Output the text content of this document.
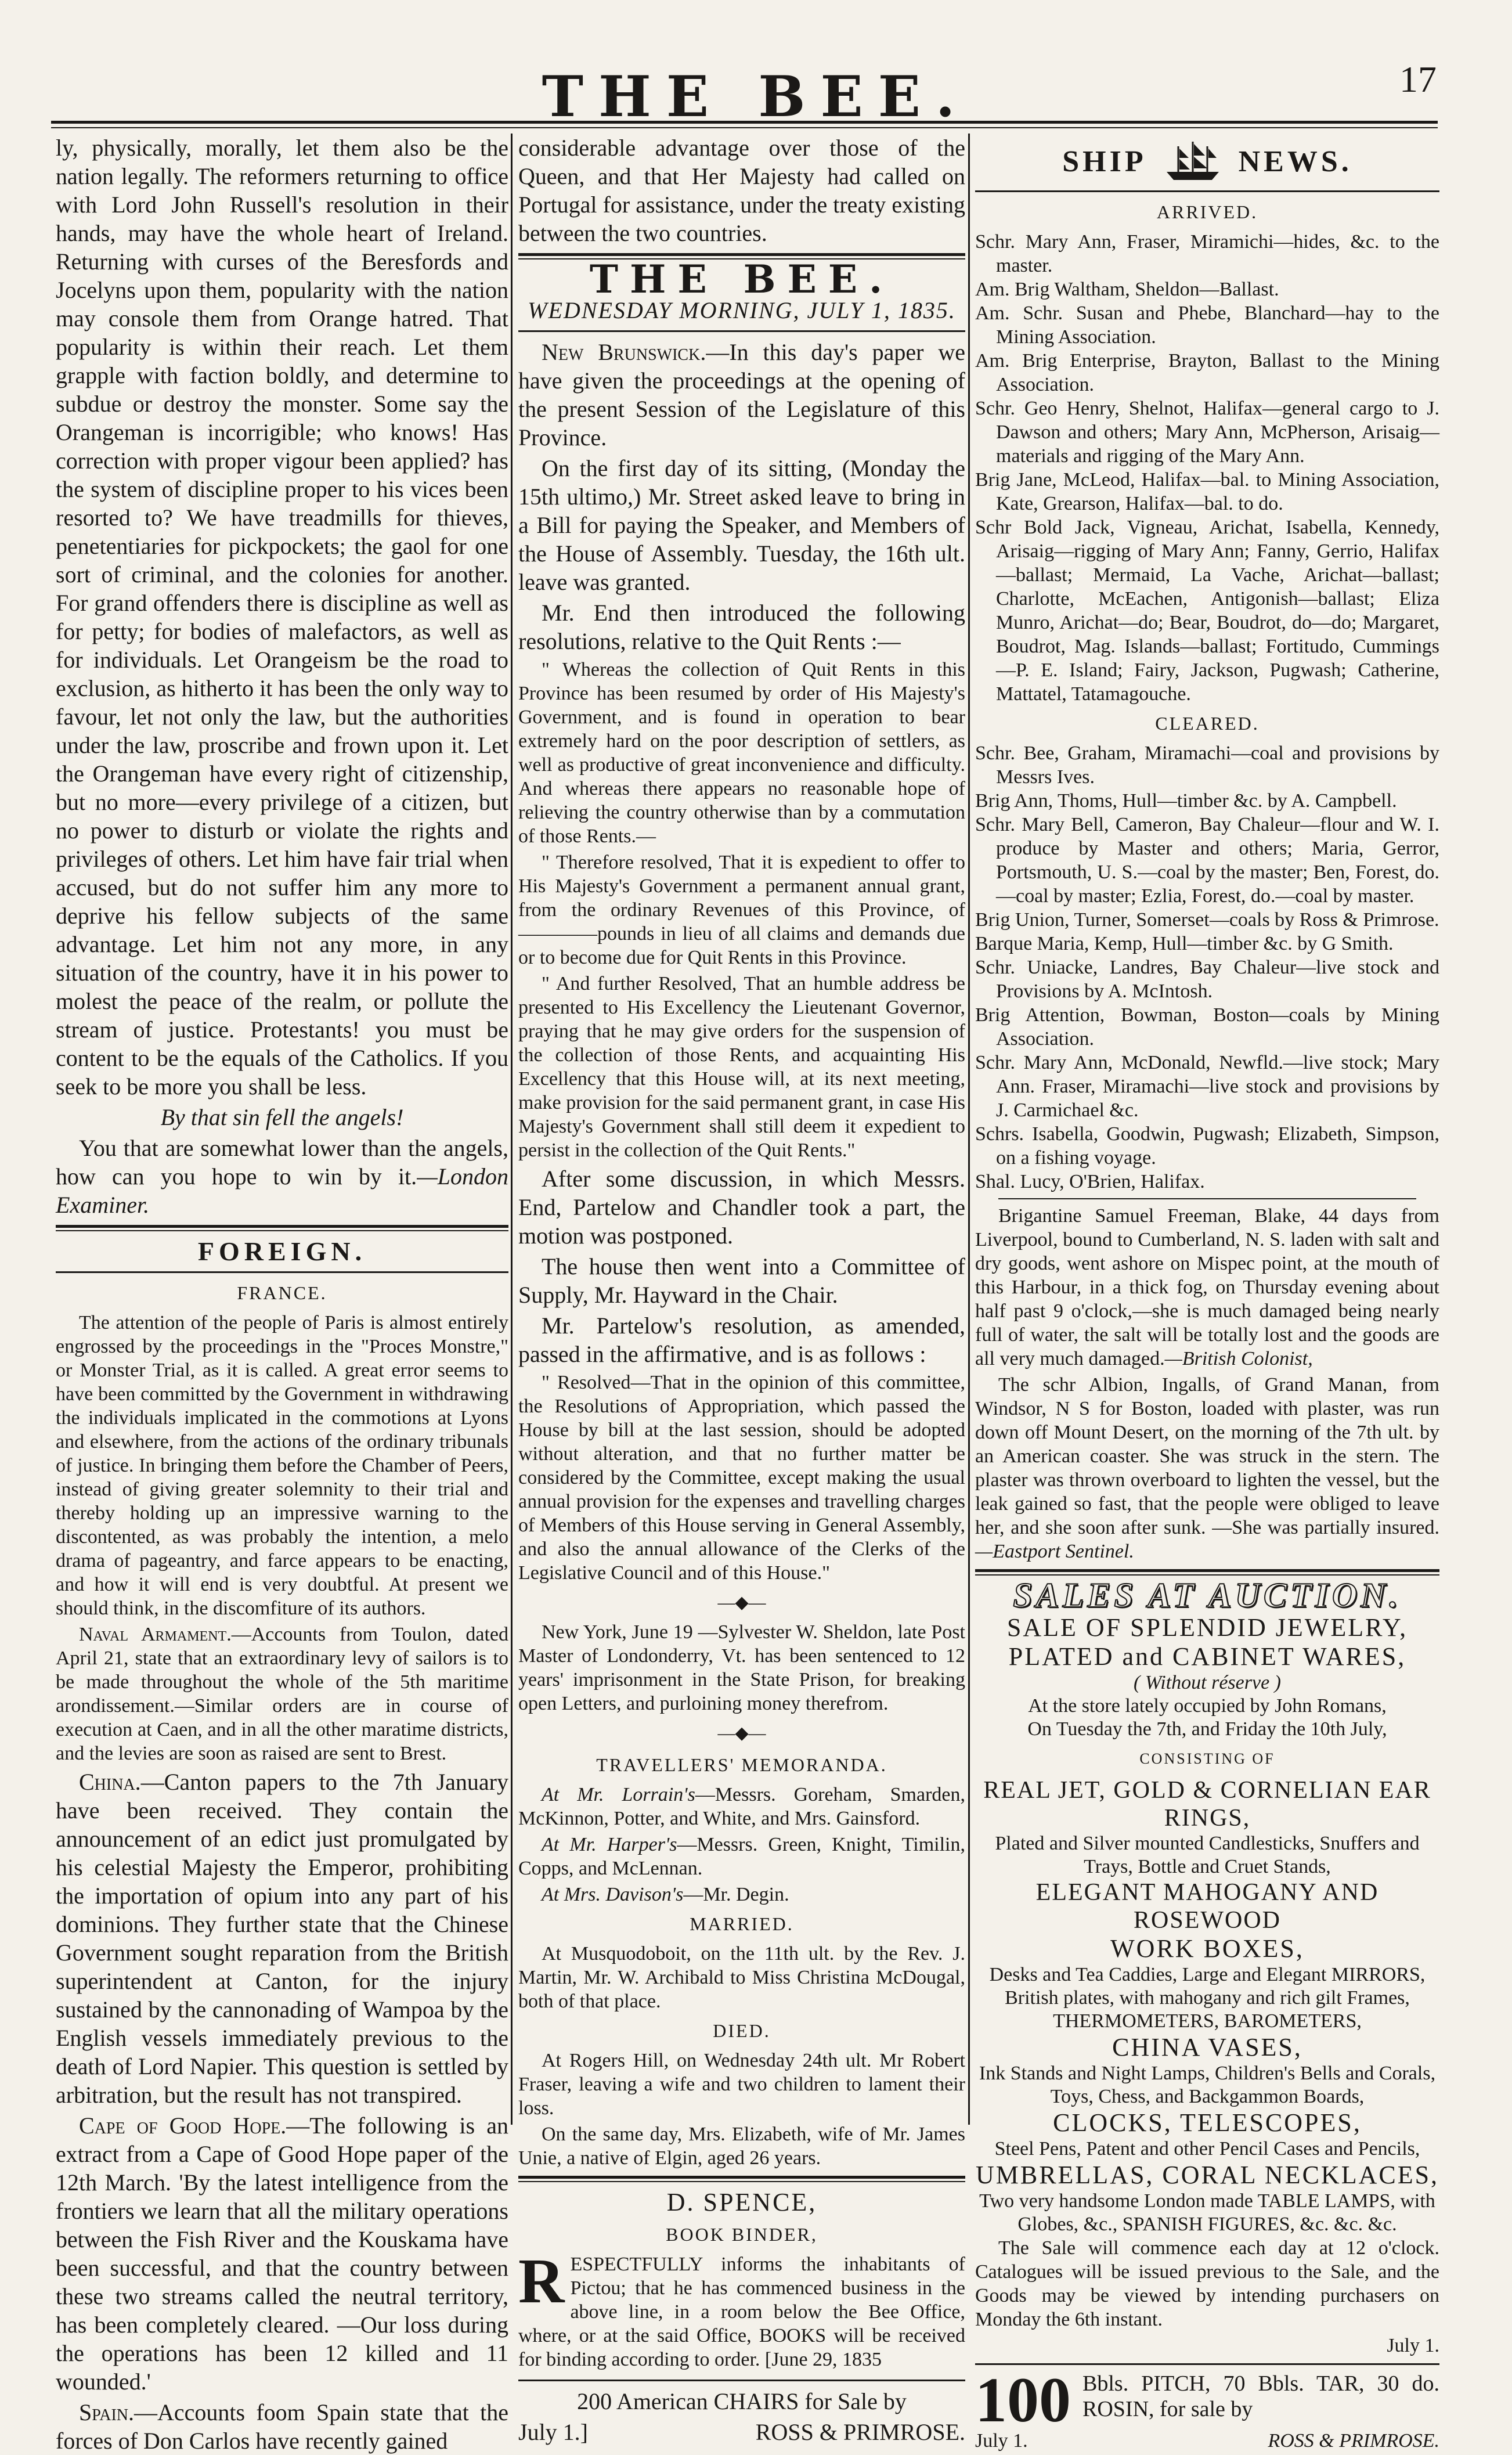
THE BEE.	17

ly, physically, morally, let them also be the nation legally. The reformers returning to office with Lord John Russell's resolution in their hands, may have the whole heart of Ireland. Returning with curses of the Beresfords and Jocelyns upon them, popularity with the nation may console them from Orange hatred. That popularity is within their reach. Let them grapple with faction boldly, and determine to subdue or destroy the monster. Some say the Orangeman is incorrigible; who knows! Has correction with proper vigour been applied? has the system of discipline proper to his vices been resorted to? We have treadmills for thieves, penetentiaries for pickpockets; the gaol for one sort of criminal, and the colonies for another. For grand offenders there is discipline as well as for petty; for bodies of malefactors, as well as for individuals. Let Orangeism be the road to exclusion, as hitherto it has been the only way to favour, let not only the law, but the authorities under the law, proscribe and frown upon it. Let the Orangeman have every right of citizenship, but no more—every privilege of a citizen, but no power to disturb or violate the rights and privileges of others. Let him have fair trial when accused, but do not suffer him any more to deprive his fellow subjects of the same advantage. Let him not any more, in any situation of the country, have it in his power to molest the peace of the realm, or pollute the stream of justice. Protestants! you must be content to be the equals of the Catholics. If you seek to be more you shall be less.

By that sin fell the angels!

You that are somewhat lower than the angels, how can you hope to win by it.—London Examiner.

FOREIGN.
FRANCE.

The attention of the people of Paris is almost entirely engrossed by the proceedings in the "Proces Monstre," or Monster Trial, as it is called. A great error seems to have been committed by the Government in withdrawing the individuals implicated in the commotions at Lyons and elsewhere, from the actions of the ordinary tribunals of justice. In bringing them before the Chamber of Peers, instead of giving greater solemnity to their trial and thereby holding up an impressive warning to the discontented, as was probably the intention, a melo drama of pageantry, and farce appears to be enacting, and how it will end is very doubtful. At present we should think, in the discomfiture of its authors.

Naval Armament.—Accounts from Toulon, dated April 21, state that an extraordinary levy of sailors is to be made throughout the whole of the 5th maritime arondissement.—Similar orders are in course of execution at Caen, and in all the other maratime districts, and the levies are soon as raised are sent to Brest.

China.—Canton papers to the 7th January have been received. They contain the announcement of an edict just promulgated by his celestial Majesty the Emperor, prohibiting the importation of opium into any part of his dominions. They further state that the Chinese Government sought reparation from the British superintendent at Canton, for the injury sustained by the cannonading of Wampoa by the English vessels immediately previous to the death of Lord Napier. This question is settled by arbitration, but the result has not transpired.

Cape of Good Hope.—The following is an extract from a Cape of Good Hope paper of the 12th March. 'By the latest intelligence from the frontiers we learn that all the military operations between the Fish River and the Kouskama have been successful, and that the country between these two streams called the neutral territory, has been completely cleared. —Our loss during the operations has been 12 killed and 11 wounded.'

Spain.—Accounts foom Spain state that the forces of Don Carlos have recently gained

considerable advantage over those of the Queen, and that Her Majesty had called on Portugal for assistance, under the treaty existing between the two countries.

THE BEE.
WEDNESDAY MORNING, JULY 1, 1835.

New Brunswick.—In this day's paper we have given the proceedings at the opening of the present Session of the Legislature of this Province.

On the first day of its sitting, (Monday the 15th ultimo,) Mr. Street asked leave to bring in a Bill for paying the Speaker, and Members of the House of Assembly. Tuesday, the 16th ult. leave was granted.

Mr. End then introduced the following resolutions, relative to the Quit Rents :—

" Whereas the collection of Quit Rents in this Province has been resumed by order of His Majesty's Government, and is found in operation to bear extremely hard on the poor description of settlers, as well as productive of great inconvenience and difficulty. And whereas there appears no reasonable hope of relieving the country otherwise than by a commutation of those Rents.—

" Therefore resolved, That it is expedient to offer to His Majesty's Government a permanent annual grant, from the ordinary Revenues of this Province, of ————pounds in lieu of all claims and demands due or to become due for Quit Rents in this Province.

" And further Resolved, That an humble address be presented to His Excellency the Lieutenant Governor, praying that he may give orders for the suspension of the collection of those Rents, and acquainting His Excellency that this House will, at its next meeting, make provision for the said permanent grant, in case His Majesty's Government shall still deem it expedient to persist in the collection of the Quit Rents."

After some discussion, in which Messrs. End, Partelow and Chandler took a part, the motion was postponed.

The house then went into a Committee of Supply, Mr. Hayward in the Chair.

Mr. Partelow's resolution, as amended, passed in the affirmative, and is as follows :

" Resolved—That in the opinion of this committee, the Resolutions of Appropriation, which passed the House by bill at the last session, should be adopted without alteration, and that no further matter be considered by the Committee, except making the usual annual provision for the expenses and travelling charges of Members of this House serving in General Assembly, and also the annual allowance of the Clerks of the Legislative Council and of this House."

—◆—

New York, June 19 —Sylvester W. Sheldon, late Post Master of Londonderry, Vt. has been sentenced to 12 years' imprisonment in the State Prison, for breaking open Letters, and purloining money therefrom.

—◆—
TRAVELLERS' MEMORANDA.

At Mr. Lorrain's—Messrs. Goreham, Smarden, McKinnon, Potter, and White, and Mrs. Gainsford.

At Mr. Harper's—Messrs. Green, Knight, Timilin, Copps, and McLennan.

At Mrs. Davison's—Mr. Degin.

MARRIED.

At Musquodoboit, on the 11th ult. by the Rev. J. Martin, Mr. W. Archibald to Miss Christina McDougal, both of that place.

DIED.

At Rogers Hill, on Wednesday 24th ult. Mr Robert Fraser, leaving a wife and two children to lament their loss.

On the same day, Mrs. Elizabeth, wife of Mr. James Unie, a native of Elgin, aged 26 years.

D. SPENCE,
BOOK BINDER,

RESPECTFULLY informs the inhabitants of Pictou; that he has commenced business in the above line, in a room below the Bee Office, where, or at the said Office, BOOKS will be received for binding according to order. [June 29, 1835

200 American CHAIRS for Sale by

July 1.]	ROSS & PRIMROSE.
SHIP	NEWS.
ARRIVED.

Schr. Mary Ann, Fraser, Miramichi—hides, &c. to the master.

Am. Brig Waltham, Sheldon—Ballast.

Am. Schr. Susan and Phebe, Blanchard—hay to the Mining Association.

Am. Brig Enterprise, Brayton, Ballast to the Mining Association.

Schr. Geo Henry, Shelnot, Halifax—general cargo to J. Dawson and others; Mary Ann, McPherson, Arisaig—materials and rigging of the Mary Ann.

Brig Jane, McLeod, Halifax—bal. to Mining Association, Kate, Grearson, Halifax—bal. to do.

Schr Bold Jack, Vigneau, Arichat, Isabella, Kennedy, Arisaig—rigging of Mary Ann; Fanny, Gerrio, Halifax—ballast; Mermaid, La Vache, Arichat—ballast; Charlotte, McEachen, Antigonish—ballast; Eliza Munro, Arichat—do; Bear, Boudrot, do—do; Margaret, Boudrot, Mag. Islands—ballast; Fortitudo, Cummings—P. E. Island; Fairy, Jackson, Pugwash; Catherine, Mattatel, Tatamagouche.

CLEARED.

Schr. Bee, Graham, Miramachi—coal and provisions by Messrs Ives.

Brig Ann, Thoms, Hull—timber &c. by A. Campbell.

Schr. Mary Bell, Cameron, Bay Chaleur—flour and W. I. produce by Master and others; Maria, Gerror, Portsmouth, U. S.—coal by the master; Ben, Forest, do.—coal by master; Ezlia, Forest, do.—coal by master.

Brig Union, Turner, Somerset—coals by Ross & Primrose.

Barque Maria, Kemp, Hull—timber &c. by G Smith.

Schr. Uniacke, Landres, Bay Chaleur—live stock and Provisions by A. McIntosh.

Brig Attention, Bowman, Boston—coals by Mining Association.

Schr. Mary Ann, McDonald, Newfld.—live stock; Mary Ann. Fraser, Miramachi—live stock and provisions by J. Carmichael &c.

Schrs. Isabella, Goodwin, Pugwash; Elizabeth, Simpson, on a fishing voyage.

Shal. Lucy, O'Brien, Halifax.

Brigantine Samuel Freeman, Blake, 44 days from Liverpool, bound to Cumberland, N. S. laden with salt and dry goods, went ashore on Mispec point, at the mouth of this Harbour, in a thick fog, on Thursday evening about half past 9 o'clock,—she is much damaged being nearly full of water, the salt will be totally lost and the goods are all very much damaged.—British Colonist,

The schr Albion, Ingalls, of Grand Manan, from Windsor, N S for Boston, loaded with plaster, was run down off Mount Desert, on the morning of the 7th ult. by an American coaster. She was struck in the stern. The plaster was thrown overboard to lighten the vessel, but the leak gained so fast, that the people were obliged to leave her, and she soon after sunk. —She was partially insured.—Eastport Sentinel.

SALES AT AUCTION.
SALE OF SPLENDID JEWELRY,
PLATED and CABINET WARES,
( Without réserve )
At the store lately occupied by John Romans,
On Tuesday the 7th, and Friday the 10th July,
CONSISTING OF
REAL JET, GOLD & CORNELIAN EAR RINGS,
Plated and Silver mounted Candlesticks, Snuffers and Trays, Bottle and Cruet Stands,
ELEGANT MAHOGANY AND ROSEWOOD
WORK BOXES,
Desks and Tea Caddies, Large and Elegant MIRRORS, British plates, with mahogany and rich gilt Frames, THERMOMETERS, BAROMETERS,
CHINA VASES,
Ink Stands and Night Lamps, Children's Bells and Corals, Toys, Chess, and Backgammon Boards,
CLOCKS, TELESCOPES,
Steel Pens, Patent and other Pencil Cases and Pencils,
UMBRELLAS, CORAL NECKLACES,
Two very handsome London made TABLE LAMPS, with Globes, &c., SPANISH FIGURES, &c. &c. &c.

The Sale will commence each day at 12 o'clock. Catalogues will be issued previous to the Sale, and the Goods may be viewed by intending purchasers on Monday the 6th instant.

July 1.
100 Bbls. PITCH, 70 Bbls. TAR, 30 do. ROSIN, for sale by
July 1.	ROSS & PRIMROSE.
